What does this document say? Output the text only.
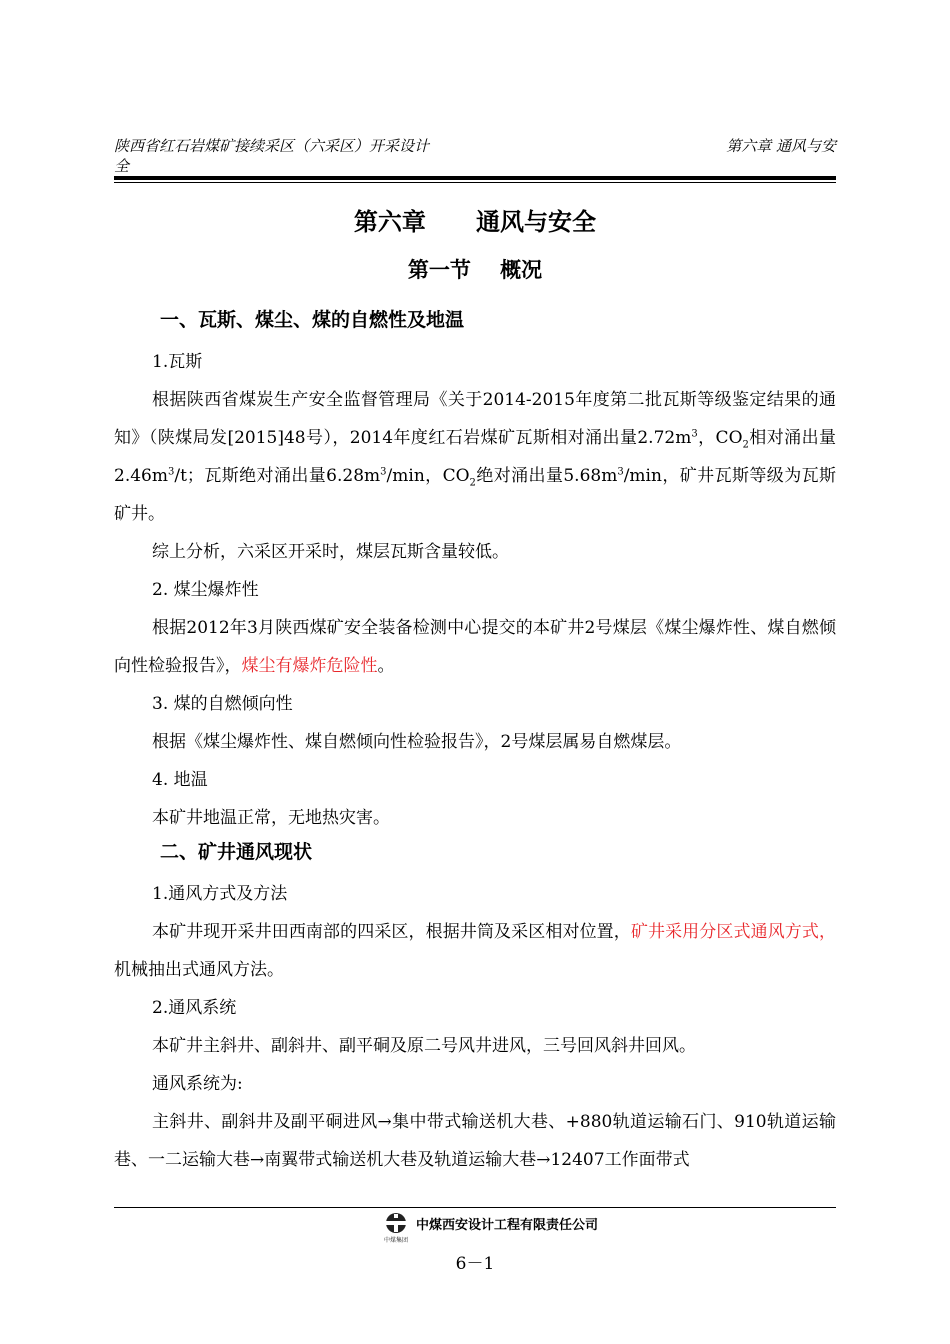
陕西省红石岩煤矿接续采区（六采区）开采设计
全
第六章 通风与安
第六章      通风与安全
第一节    概况
一、瓦斯、煤尘、煤的自燃性及地温

1.瓦斯

根据陕西省煤炭生产安全监督管理局《关于2014-2015年度第二批瓦斯等级鉴定结果的通知》（陕煤局发[2015]48号），2014年度红石岩煤矿瓦斯相对涌出量$2.72m^3$，$CO_2$相对涌出量$2.46m^3/t$；瓦斯绝对涌出量$6.28m^3/\min$，$CO_2$绝对涌出量$5.68m^3/\min$，矿井瓦斯等级为瓦斯矿井。

综上分析，六采区开采时，煤层瓦斯含量较低。

2. 煤尘爆炸性

根据2012年3月陕西煤矿安全装备检测中心提交的本矿井2号煤层《煤尘爆炸性、煤自燃倾向性检验报告》，煤尘有爆炸危险性。

3. 煤的自燃倾向性

根据《煤尘爆炸性、煤自燃倾向性检验报告》，2号煤层属易自燃煤层。

4. 地温

本矿井地温正常，无地热灾害。

二、矿井通风现状

1.通风方式及方法

本矿井现开采井田西南部的四采区，根据井筒及采区相对位置，矿井采用分区式通风方式，机械抽出式通风方法。

2.通风系统

本矿井主斜井、副斜井、副平硐及原二号风井进风，三号回风斜井回风。

通风系统为:

主斜井、副斜井及副平硐进风→集中带式输送机大巷、+880轨道运输石门、910轨道运输巷、一二运输大巷→南翼带式输送机大巷及轨道运输大巷→12407工作面带式

中煤集团
中煤西安设计工程有限责任公司
6－1
